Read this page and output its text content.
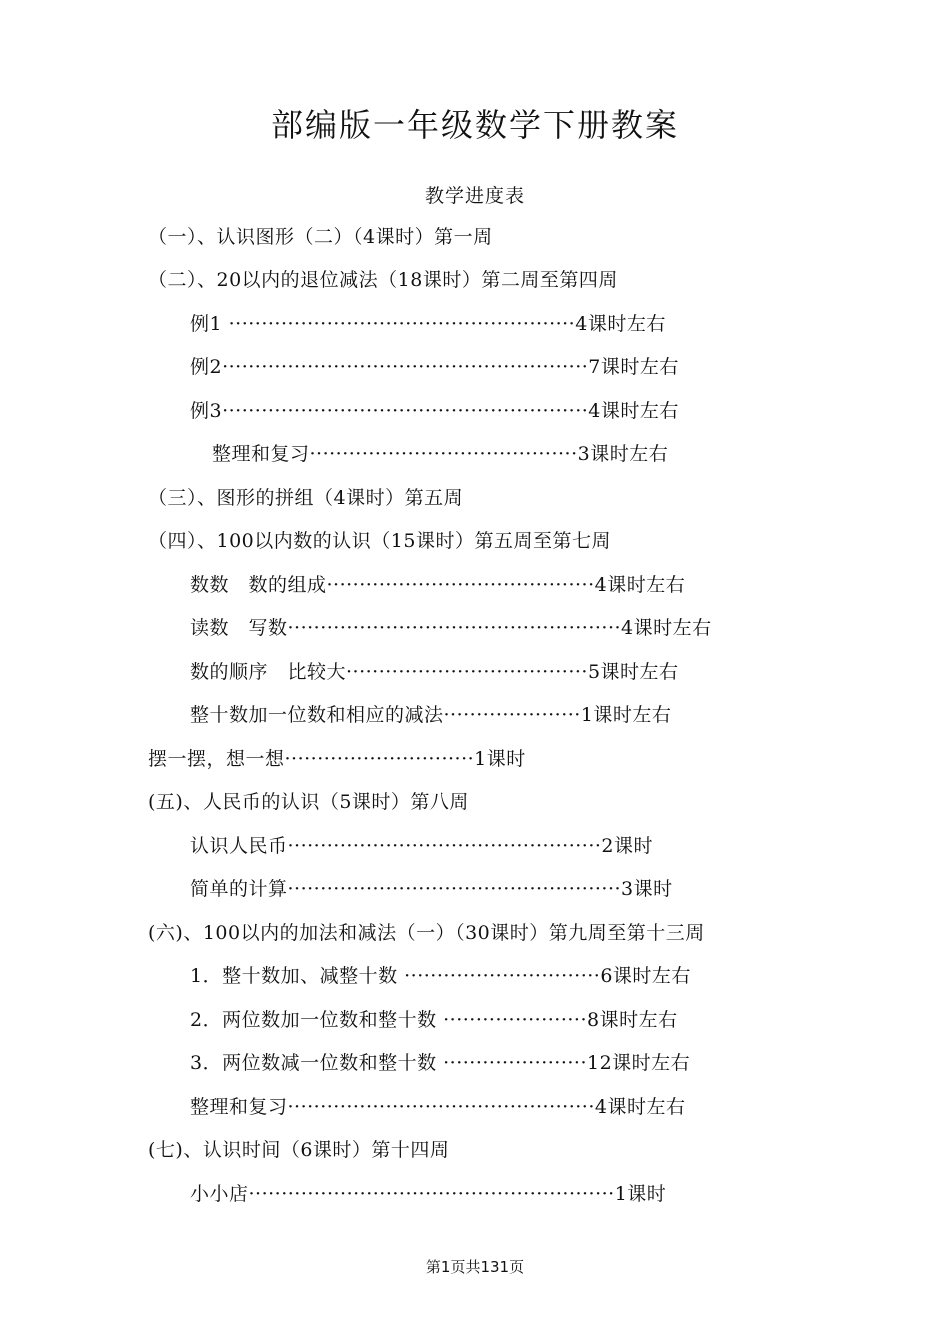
部编版一年级数学下册教案
教学进度表
（一）、认识图形（二）（4课时）第一周
（二）、20以内的退位减法（18课时）第二周至第四周
例1 ·····················································4课时左右
例2························································7课时左右
例3························································4课时左右
整理和复习·········································3课时左右
（三）、图形的拼组（4课时）第五周
（四）、100以内数的认识（15课时）第五周至第七周
数数　数的组成·········································4课时左右
读数　写数···················································4课时左右
数的顺序　比较大·····································5课时左右
整十数加一位数和相应的减法·····················1课时左右
摆一摆，想一想·····························1课时
(五)、人民币的认识（5课时）第八周
认识人民币················································2课时
简单的计算···················································3课时
(六)、100以内的加法和减法（一）（30课时）第九周至第十三周
1．整十数加、减整十数 ······························6课时左右
2．两位数加一位数和整十数 ······················8课时左右
3．两位数减一位数和整十数 ······················12课时左右
整理和复习···············································4课时左右
(七)、认识时间（6课时）第十四周
小小店························································1课时
第1页共131页
